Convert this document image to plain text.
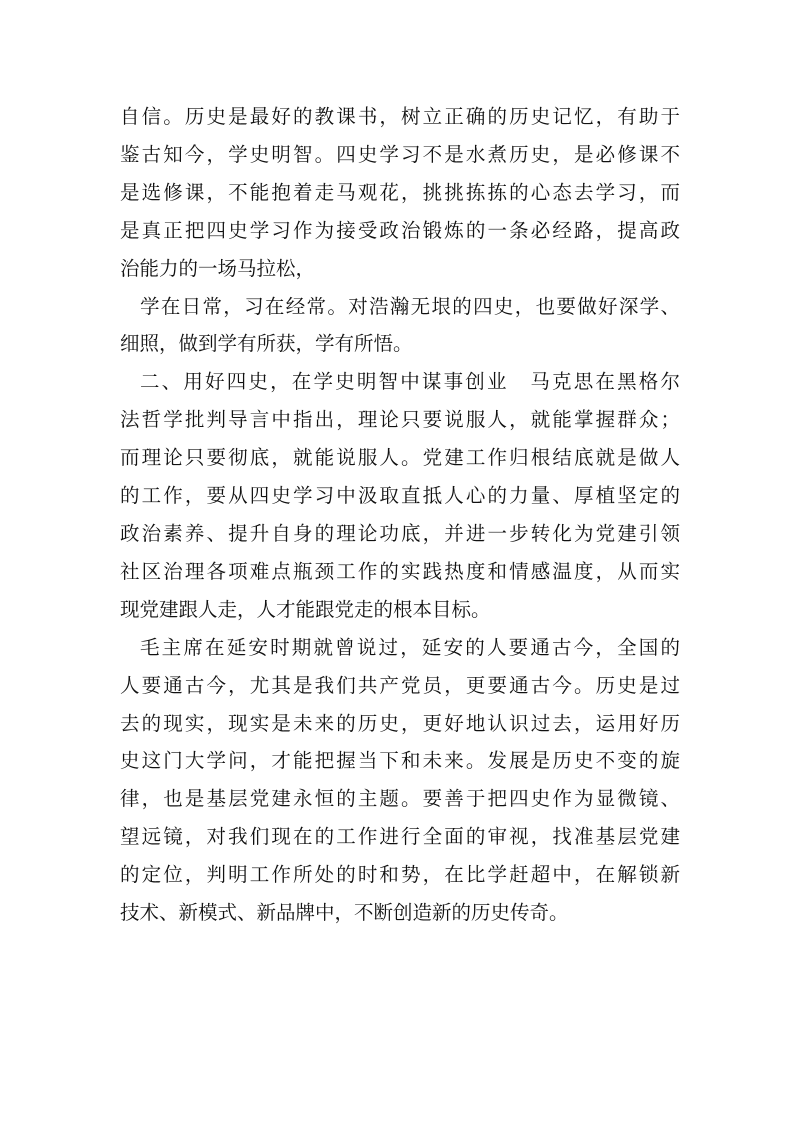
自信。历史是最好的教课书，树立正确的历史记忆，有助于
鉴古知今，学史明智。四史学习不是水煮历史，是必修课不
是选修课，不能抱着走马观花，挑挑拣拣的心态去学习，而
是真正把四史学习作为接受政治锻炼的一条必经路，提高政
治能力的一场马拉松，
学在日常，习在经常。对浩瀚无垠的四史，也要做好深学、
细照，做到学有所获，学有所悟。
二、用好四史，在学史明智中谋事创业　马克思在黑格尔
法哲学批判导言中指出，理论只要说服人，就能掌握群众；
而理论只要彻底，就能说服人。党建工作归根结底就是做人
的工作，要从四史学习中汲取直抵人心的力量、厚植坚定的
政治素养、提升自身的理论功底，并进一步转化为党建引领
社区治理各项难点瓶颈工作的实践热度和情感温度，从而实
现党建跟人走，人才能跟党走的根本目标。
毛主席在延安时期就曾说过，延安的人要通古今，全国的
人要通古今，尤其是我们共产党员，更要通古今。历史是过
去的现实，现实是未来的历史，更好地认识过去，运用好历
史这门大学问，才能把握当下和未来。发展是历史不变的旋
律，也是基层党建永恒的主题。要善于把四史作为显微镜、
望远镜，对我们现在的工作进行全面的审视，找准基层党建
的定位，判明工作所处的时和势，在比学赶超中，在解锁新
技术、新模式、新品牌中，不断创造新的历史传奇。
